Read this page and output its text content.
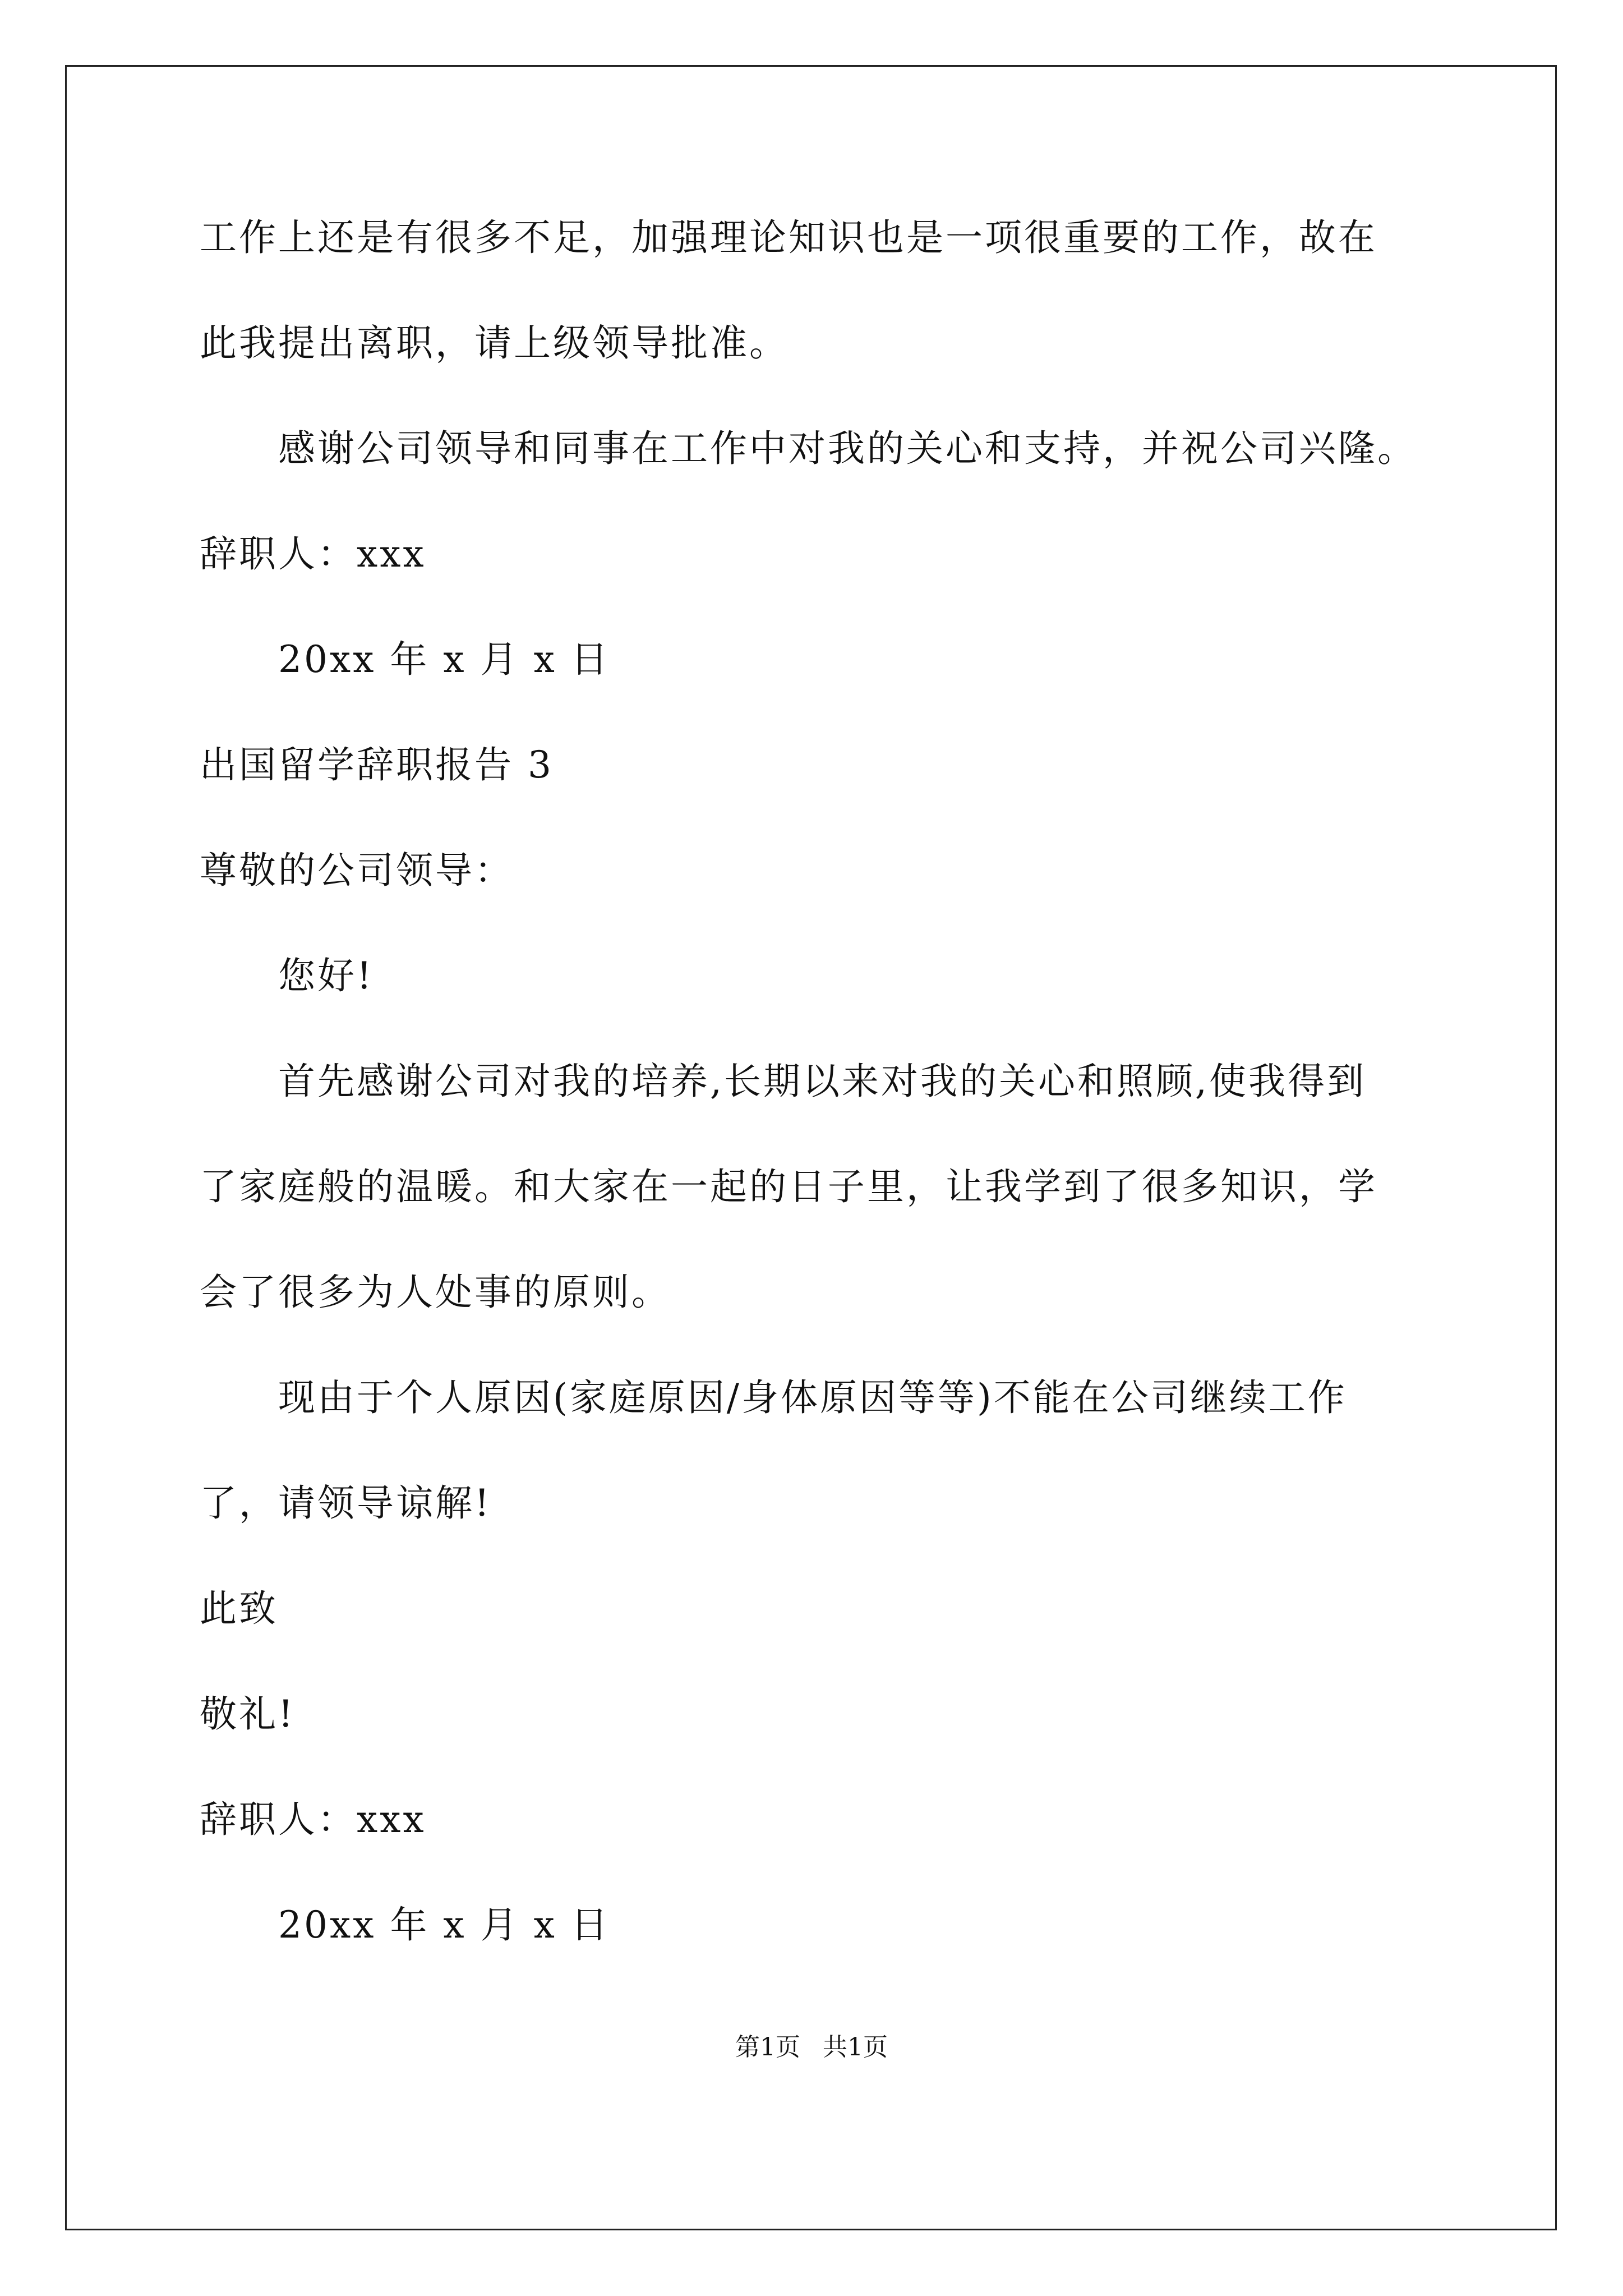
工作上还是有很多不足，加强理论知识也是一项很重要的工作，故在
此我提出离职，请上级领导批准。
感谢公司领导和同事在工作中对我的关心和支持，并祝公司兴隆。
辞职人：xxx
20xx 年 x 月 x 日
出国留学辞职报告 3
尊敬的公司领导：
您好!
首先感谢公司对我的培养,长期以来对我的关心和照顾,使我得到
了家庭般的温暖。和大家在一起的日子里，让我学到了很多知识，学
会了很多为人处事的原则。
现由于个人原因(家庭原因/身体原因等等)不能在公司继续工作
了，请领导谅解!
此致
敬礼!
辞职人：xxx
20xx 年 x 月 x 日
第1页 共1页
